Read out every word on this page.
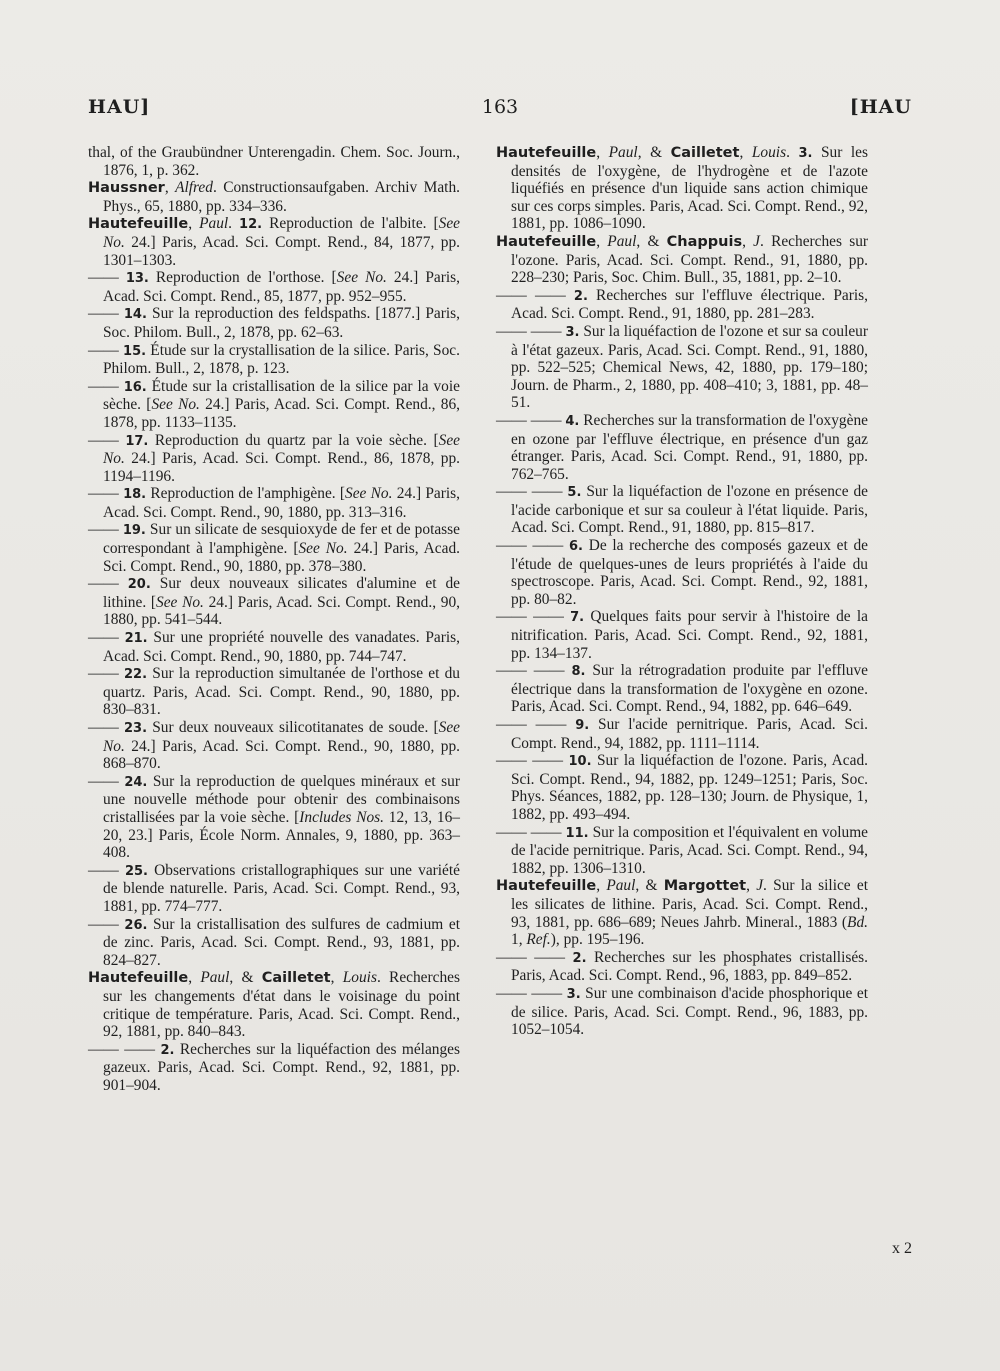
HAU]	163	[HAU

thal, of the Graubündner Unterengadin. Chem. Soc. Journ., 1876, 1, p. 362.

Haussner, Alfred. Constructionsaufgaben. Archiv Math. Phys., 65, 1880, pp. 334–336.

Hautefeuille, Paul. 12. Reproduction de l'albite. [See No. 24.] Paris, Acad. Sci. Compt. Rend., 84, 1877, pp. 1301–1303.

—— 13. Reproduction de l'orthose. [See No. 24.] Paris, Acad. Sci. Compt. Rend., 85, 1877, pp. 952–955.

—— 14. Sur la reproduction des feldspaths. [1877.] Paris, Soc. Philom. Bull., 2, 1878, pp. 62–63.

—— 15. Étude sur la crystallisation de la silice. Paris, Soc. Philom. Bull., 2, 1878, p. 123.

—— 16. Étude sur la cristallisation de la silice par la voie sèche. [See No. 24.] Paris, Acad. Sci. Compt. Rend., 86, 1878, pp. 1133–1135.

—— 17. Reproduction du quartz par la voie sèche. [See No. 24.] Paris, Acad. Sci. Compt. Rend., 86, 1878, pp. 1194–1196.

—— 18. Reproduction de l'amphigène. [See No. 24.] Paris, Acad. Sci. Compt. Rend., 90, 1880, pp. 313–316.

—— 19. Sur un silicate de sesquioxyde de fer et de potasse correspondant à l'amphigène. [See No. 24.] Paris, Acad. Sci. Compt. Rend., 90, 1880, pp. 378–380.

—— 20. Sur deux nouveaux silicates d'alumine et de lithine. [See No. 24.] Paris, Acad. Sci. Compt. Rend., 90, 1880, pp. 541–544.

—— 21. Sur une propriété nouvelle des vanadates. Paris, Acad. Sci. Compt. Rend., 90, 1880, pp. 744–747.

—— 22. Sur la reproduction simultanée de l'orthose et du quartz. Paris, Acad. Sci. Compt. Rend., 90, 1880, pp. 830–831.

—— 23. Sur deux nouveaux silicotitanates de soude. [See No. 24.] Paris, Acad. Sci. Compt. Rend., 90, 1880, pp. 868–870.

—— 24. Sur la reproduction de quelques minéraux et sur une nouvelle méthode pour obtenir des combinaisons cristallisées par la voie sèche. [Includes Nos. 12, 13, 16–20, 23.] Paris, École Norm. Annales, 9, 1880, pp. 363–408.

—— 25. Observations cristallographiques sur une variété de blende naturelle. Paris, Acad. Sci. Compt. Rend., 93, 1881, pp. 774–777.

—— 26. Sur la cristallisation des sulfures de cadmium et de zinc. Paris, Acad. Sci. Compt. Rend., 93, 1881, pp. 824–827.

Hautefeuille, Paul, & Cailletet, Louis. Recherches sur les changements d'état dans le voisinage du point critique de température. Paris, Acad. Sci. Compt. Rend., 92, 1881, pp. 840–843.

—— —— 2. Recherches sur la liquéfaction des mélanges gazeux. Paris, Acad. Sci. Compt. Rend., 92, 1881, pp. 901–904.

Hautefeuille, Paul, & Cailletet, Louis. 3. Sur les densités de l'oxygène, de l'hydrogène et de l'azote liquéfiés en présence d'un liquide sans action chimique sur ces corps simples. Paris, Acad. Sci. Compt. Rend., 92, 1881, pp. 1086–1090.

Hautefeuille, Paul, & Chappuis, J. Recherches sur l'ozone. Paris, Acad. Sci. Compt. Rend., 91, 1880, pp. 228–230; Paris, Soc. Chim. Bull., 35, 1881, pp. 2–10.

—— —— 2. Recherches sur l'effluve électrique. Paris, Acad. Sci. Compt. Rend., 91, 1880, pp. 281–283.

—— —— 3. Sur la liquéfaction de l'ozone et sur sa couleur à l'état gazeux. Paris, Acad. Sci. Compt. Rend., 91, 1880, pp. 522–525; Chemical News, 42, 1880, pp. 179–180; Journ. de Pharm., 2, 1880, pp. 408–410; 3, 1881, pp. 48–51.

—— —— 4. Recherches sur la transformation de l'oxygène en ozone par l'effluve électrique, en présence d'un gaz étranger. Paris, Acad. Sci. Compt. Rend., 91, 1880, pp. 762–765.

—— —— 5. Sur la liquéfaction de l'ozone en présence de l'acide carbonique et sur sa couleur à l'état liquide. Paris, Acad. Sci. Compt. Rend., 91, 1880, pp. 815–817.

—— —— 6. De la recherche des composés gazeux et de l'étude de quelques-unes de leurs propriétés à l'aide du spectroscope. Paris, Acad. Sci. Compt. Rend., 92, 1881, pp. 80–82.

—— —— 7. Quelques faits pour servir à l'histoire de la nitrification. Paris, Acad. Sci. Compt. Rend., 92, 1881, pp. 134–137.

—— —— 8. Sur la rétrogradation produite par l'effluve électrique dans la transformation de l'oxygène en ozone. Paris, Acad. Sci. Compt. Rend., 94, 1882, pp. 646–649.

—— —— 9. Sur l'acide pernitrique. Paris, Acad. Sci. Compt. Rend., 94, 1882, pp. 1111–1114.

—— —— 10. Sur la liquéfaction de l'ozone. Paris, Acad. Sci. Compt. Rend., 94, 1882, pp. 1249–1251; Paris, Soc. Phys. Séances, 1882, pp. 128–130; Journ. de Physique, 1, 1882, pp. 493–494.

—— —— 11. Sur la composition et l'équivalent en volume de l'acide pernitrique. Paris, Acad. Sci. Compt. Rend., 94, 1882, pp. 1306–1310.

Hautefeuille, Paul, & Margottet, J. Sur la silice et les silicates de lithine. Paris, Acad. Sci. Compt. Rend., 93, 1881, pp. 686–689; Neues Jahrb. Mineral., 1883 (Bd. 1, Ref.), pp. 195–196.

—— —— 2. Recherches sur les phosphates cristallisés. Paris, Acad. Sci. Compt. Rend., 96, 1883, pp. 849–852.

—— —— 3. Sur une combinaison d'acide phosphorique et de silice. Paris, Acad. Sci. Compt. Rend., 96, 1883, pp. 1052–1054.

x 2
